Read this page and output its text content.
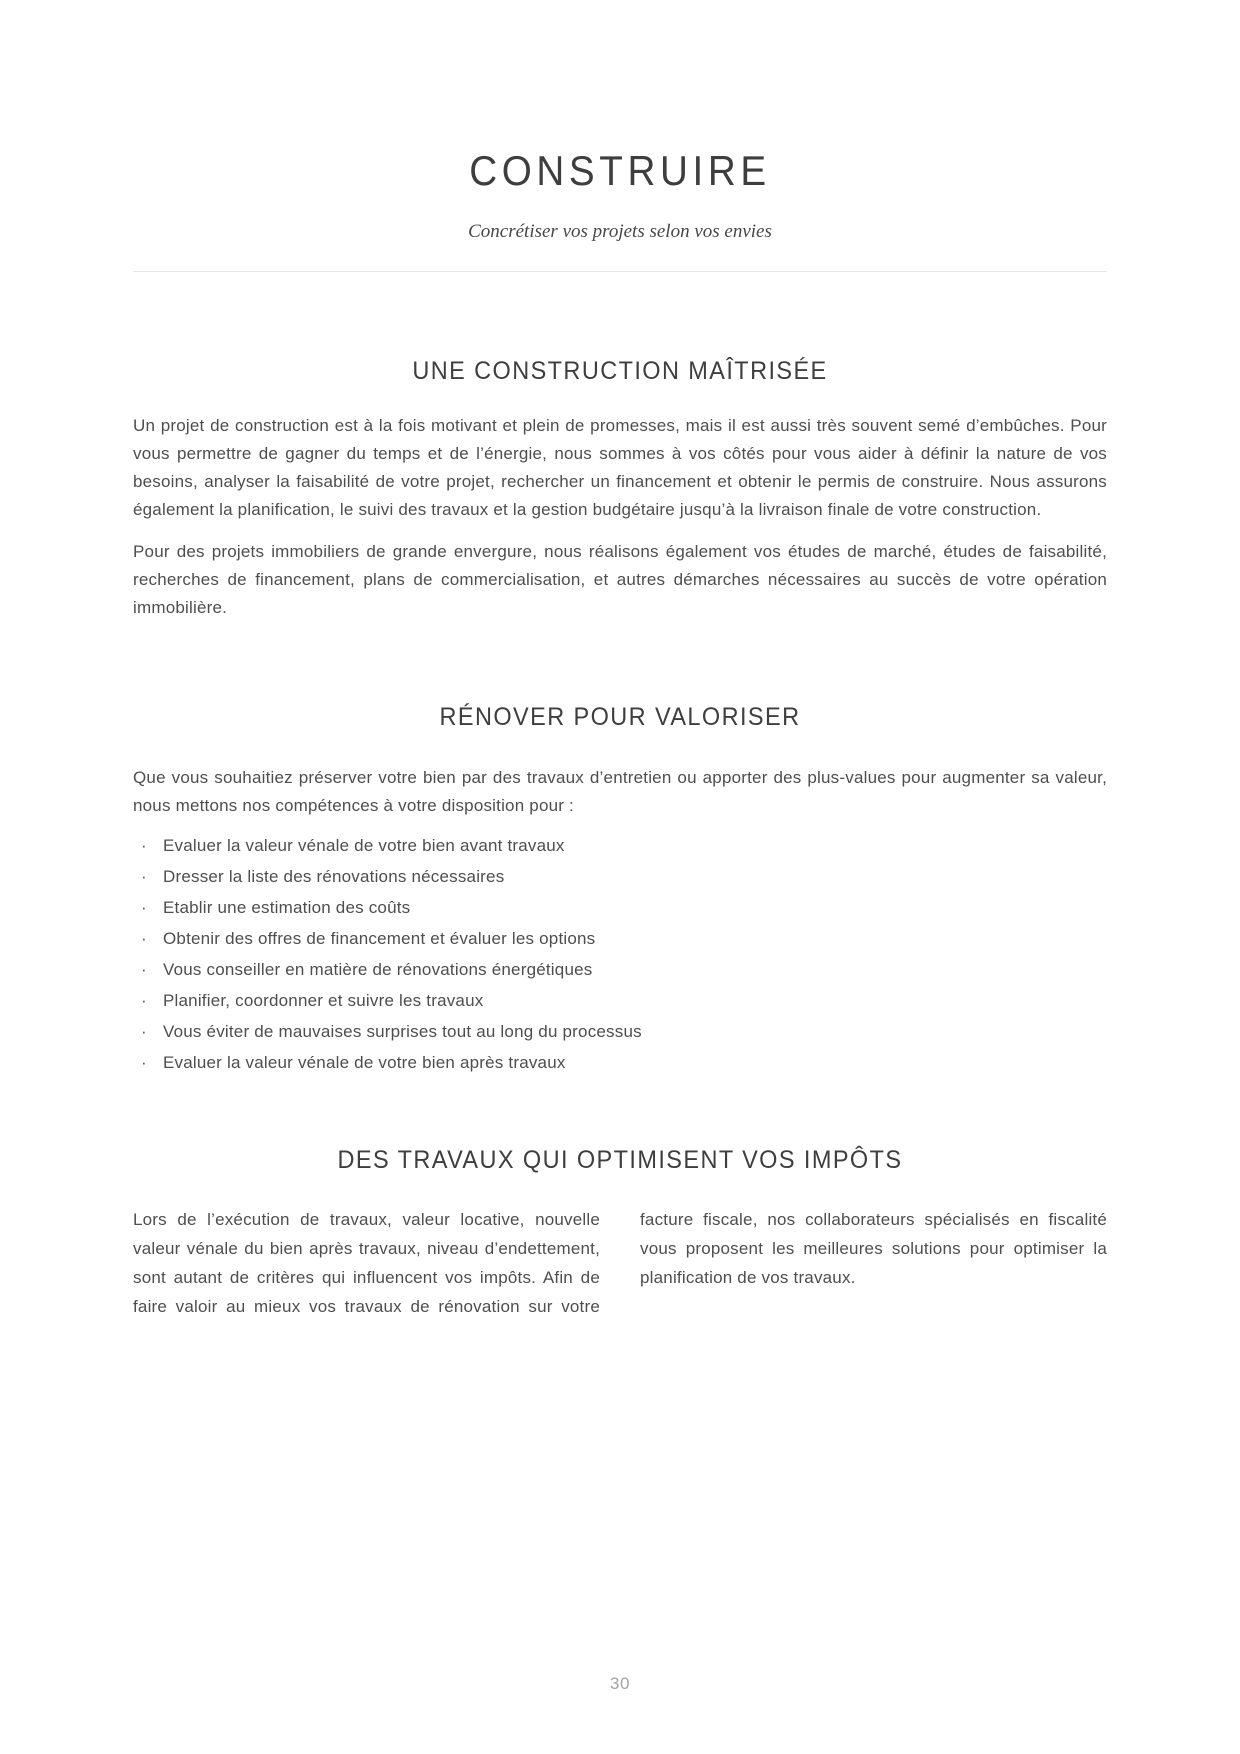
CONSTRUIRE
Concrétiser vos projets selon vos envies
UNE CONSTRUCTION MAÎTRISÉE

Un projet de construction est à la fois motivant et plein de promesses, mais il est aussi très souvent semé d’embûches. Pour vous permettre de gagner du temps et de l’énergie, nous sommes à vos côtés pour vous aider à définir la nature de vos besoins, analyser la faisabilité de votre projet, rechercher un financement et obtenir le permis de construire. Nous assurons également la planification, le suivi des travaux et la gestion budgétaire jusqu’à la livraison finale de votre construction.

Pour des projets immobiliers de grande envergure, nous réalisons également vos études de marché, études de faisabilité, recherches de financement, plans de commercialisation, et autres démarches nécessaires au succès de votre opération immobilière.

RÉNOVER POUR VALORISER

Que vous souhaitiez préserver votre bien par des travaux d’entretien ou apporter des plus-values pour augmenter sa valeur, nous mettons nos compétences à votre disposition pour :

· Evaluer la valeur vénale de votre bien avant travaux
· Dresser la liste des rénovations nécessaires
· Etablir une estimation des coûts
· Obtenir des offres de financement et évaluer les options
· Vous conseiller en matière de rénovations énergétiques
· Planifier, coordonner et suivre les travaux
· Vous éviter de mauvaises surprises tout au long du processus
· Evaluer la valeur vénale de votre bien après travaux
DES TRAVAUX QUI OPTIMISENT VOS IMPÔTS
Lors de l’exécution de travaux, valeur locative, nouvelle valeur vénale du bien après travaux, niveau d’endettement, sont autant de critères qui influencent vos impôts. Afin de faire valoir au mieux vos travaux de rénovation sur votre facture fiscale, nos collaborateurs spécialisés en fiscalité vous proposent les meilleures solutions pour optimiser la planification de vos travaux.
30
